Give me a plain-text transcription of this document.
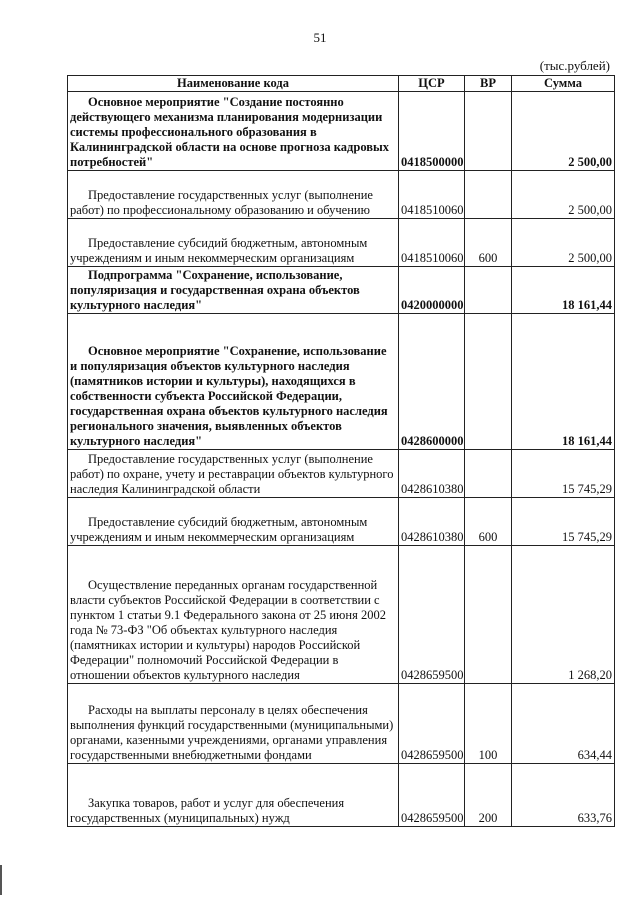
51
(тыс.рублей)
Наименование кода	ЦСР	ВР	Сумма
Основное мероприятие "Создание постоянно действующего механизма планирования модернизации системы профессионального образования в Калининградской области на основе прогноза кадровых потребностей"	0418500000		2 500,00
Предоставление государственных услуг (выполнение работ) по профессиональному образованию и обучению	0418510060		2 500,00
Предоставление субсидий бюджетным, автономным учреждениям и иным некоммерческим организациям	0418510060	600	2 500,00
Подпрограмма "Сохранение, использование, популяризация и государственная охрана объектов культурного наследия"	0420000000		18 161,44
Основное мероприятие "Сохранение, использование и популяризация объектов культурного наследия (памятников истории и культуры), находящихся в собственности субъекта Российской Федерации, государственная охрана объектов культурного наследия регионального значения, выявленных объектов культурного наследия"	0428600000		18 161,44
Предоставление государственных услуг (выполнение работ) по охране, учету и реставрации объектов культурного наследия Калининградской области	0428610380		15 745,29
Предоставление субсидий бюджетным, автономным учреждениям и иным некоммерческим организациям	0428610380	600	15 745,29
Осуществление переданных органам государственной власти субъектов Российской Федерации в соответствии с пунктом 1 статьи 9.1 Федерального закона от 25 июня 2002 года № 73-ФЗ "Об объектах культурного наследия (памятниках истории и культуры) народов Российской Федерации" полномочий Российской Федерации в отношении объектов культурного наследия	0428659500		1 268,20
Расходы на выплаты персоналу в целях обеспечения выполнения функций государственными (муниципальными) органами, казенными учреждениями, органами управления государственными внебюджетными фондами	0428659500	100	634,44
Закупка товаров, работ и услуг для обеспечения государственных (муниципальных) нужд	0428659500	200	633,76
